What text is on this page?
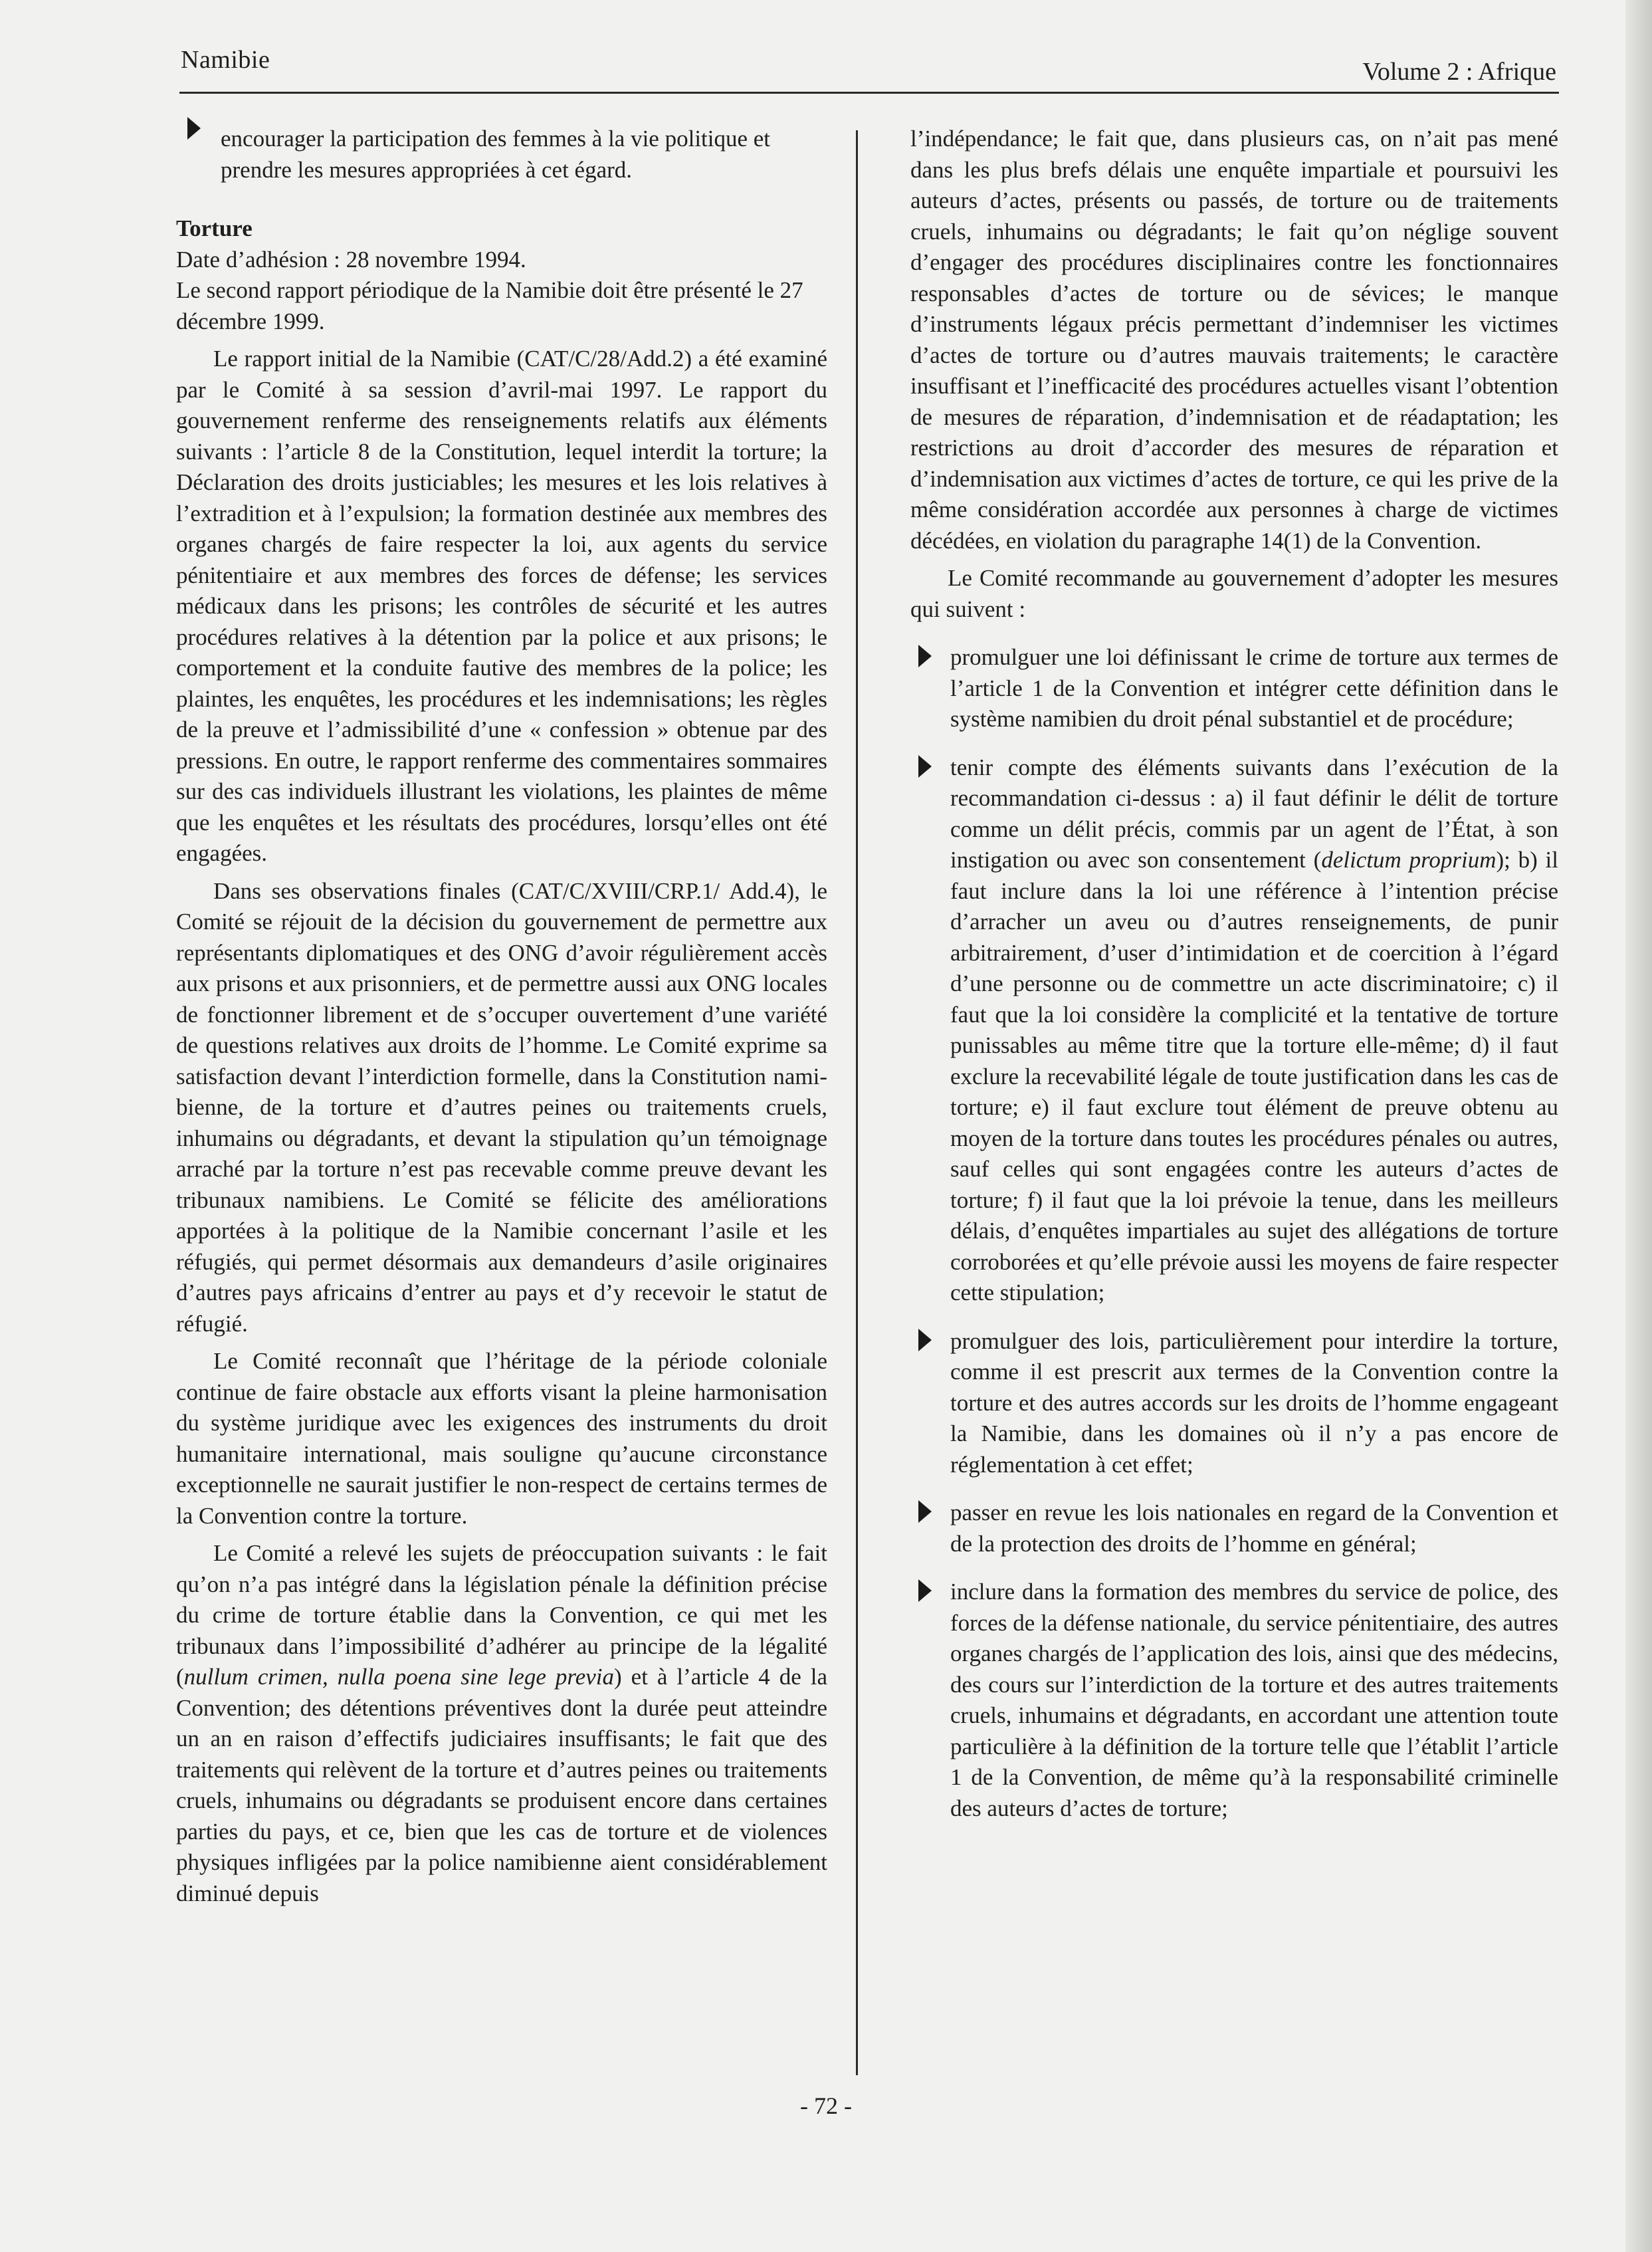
Namibie	Volume 2 : Afrique

encourager la participation des femmes à la vie politique et prendre les mesures appropriées à cet égard.

Torture

Date d’adhésion : 28 novembre 1994.

Le second rapport périodique de la Namibie doit être présenté le 27 décembre 1999.

Le rapport initial de la Namibie (CAT/C/28/Add.2) a été examiné par le Comité à sa session d’avril-mai 1997. Le rapport du gouvernement renferme des renseignements relatifs aux éléments suivants : l’article 8 de la Constitution, lequel interdit la torture; la Déclaration des droits justiciables; les mesures et les lois relatives à l’extradition et à l’expulsion; la formation destinée aux membres des organes chargés de faire respecter la loi, aux agents du service pénitentiaire et aux membres des forces de défense; les services médicaux dans les prisons; les contrôles de sécurité et les autres procédures relatives à la détention par la police et aux prisons; le comportement et la conduite fautive des membres de la police; les plaintes, les enquêtes, les procédures et les indemnisations; les règles de la preuve et l’admissibilité d’une « confession » obtenue par des pressions. En outre, le rapport renferme des commentaires sommaires sur des cas individuels illustrant les violations, les plaintes de même que les enquêtes et les résultats des procédures, lorsqu’elles ont été engagées.

Dans ses observations finales (CAT/C/XVIII/CRP.1/ Add.4), le Comité se réjouit de la décision du gouvernement de permettre aux représentants diplomatiques et des ONG d’avoir régulièrement accès aux prisons et aux prisonniers, et de permettre aussi aux ONG locales de fonctionner librement et de s’occuper ouvertement d’une variété de questions relatives aux droits de l’homme. Le Comité exprime sa satisfaction devant l’interdiction formelle, dans la Constitution namibienne, de la torture et d’autres peines ou traitements cruels, inhumains ou dégradants, et devant la stipulation qu’un témoignage arraché par la torture n’est pas recevable comme preuve devant les tribunaux namibiens. Le Comité se félicite des améliorations apportées à la politique de la Namibie concernant l’asile et les réfugiés, qui permet désormais aux demandeurs d’asile originaires d’autres pays africains d’entrer au pays et d’y recevoir le statut de réfugié.

Le Comité reconnaît que l’héritage de la période coloniale continue de faire obstacle aux efforts visant la pleine harmonisation du système juridique avec les exigences des instruments du droit humanitaire international, mais souligne qu’aucune circonstance exceptionnelle ne saurait justifier le non-respect de certains termes de la Convention contre la torture.

Le Comité a relevé les sujets de préoccupation suivants : le fait qu’on n’a pas intégré dans la législation pénale la définition précise du crime de torture établie dans la Convention, ce qui met les tribunaux dans l’impossibilité d’adhérer au principe de la légalité (nullum crimen, nulla poena sine lege previa) et à l’article 4 de la Convention; des détentions préventives dont la durée peut atteindre un an en raison d’effectifs judiciaires insuffisants; le fait que des traitements qui relèvent de la torture et d’autres peines ou traitements cruels, inhumains ou dégradants se produisent encore dans certaines parties du pays, et ce, bien que les cas de torture et de violences physiques infligées par la police namibienne aient considérablement diminué depuis

l’indépendance; le fait que, dans plusieurs cas, on n’ait pas mené dans les plus brefs délais une enquête impartiale et poursuivi les auteurs d’actes, présents ou passés, de torture ou de traitements cruels, inhumains ou dégradants; le fait qu’on néglige souvent d’engager des procédures disciplinaires contre les fonctionnaires responsables d’actes de torture ou de sévices; le manque d’instruments légaux précis permettant d’indemniser les victimes d’actes de torture ou d’autres mauvais traitements; le caractère insuffisant et l’inefficacité des procédures actuelles visant l’obtention de mesures de réparation, d’indemnisation et de réadaptation; les restrictions au droit d’accorder des mesures de réparation et d’indemnisation aux victimes d’actes de torture, ce qui les prive de la même considération accordée aux personnes à charge de victimes décédées, en violation du paragraphe 14(1) de la Convention.

Le Comité recommande au gouvernement d’adopter les mesures qui suivent :

promulguer une loi définissant le crime de torture aux termes de l’article 1 de la Convention et intégrer cette définition dans le système namibien du droit pénal substantiel et de procédure;

tenir compte des éléments suivants dans l’exécution de la recommandation ci-dessus : a) il faut définir le délit de torture comme un délit précis, commis par un agent de l’État, à son instigation ou avec son consentement (delictum proprium); b) il faut inclure dans la loi une référence à l’intention précise d’arracher un aveu ou d’autres renseignements, de punir arbitrairement, d’user d’intimidation et de coercition à l’égard d’une personne ou de commettre un acte discriminatoire; c) il faut que la loi considère la complicité et la tentative de torture punissables au même titre que la torture elle-même; d) il faut exclure la recevabilité légale de toute justification dans les cas de torture; e) il faut exclure tout élément de preuve obtenu au moyen de la torture dans toutes les procédures pénales ou autres, sauf celles qui sont engagées contre les auteurs d’actes de torture; f) il faut que la loi prévoie la tenue, dans les meilleurs délais, d’enquêtes impartiales au sujet des allégations de torture corroborées et qu’elle prévoie aussi les moyens de faire respecter cette stipulation;

promulguer des lois, particulièrement pour interdire la torture, comme il est prescrit aux termes de la Convention contre la torture et des autres accords sur les droits de l’homme engageant la Namibie, dans les domaines où il n’y a pas encore de réglementation à cet effet;

passer en revue les lois nationales en regard de la Convention et de la protection des droits de l’homme en général;

inclure dans la formation des membres du service de police, des forces de la défense nationale, du service pénitentiaire, des autres organes chargés de l’application des lois, ainsi que des médecins, des cours sur l’interdiction de la torture et des autres traitements cruels, inhumains et dégradants, en accordant une attention toute particulière à la définition de la torture telle que l’établit l’article 1 de la Convention, de même qu’à la responsabilité criminelle des auteurs d’actes de torture;

- 72 -
